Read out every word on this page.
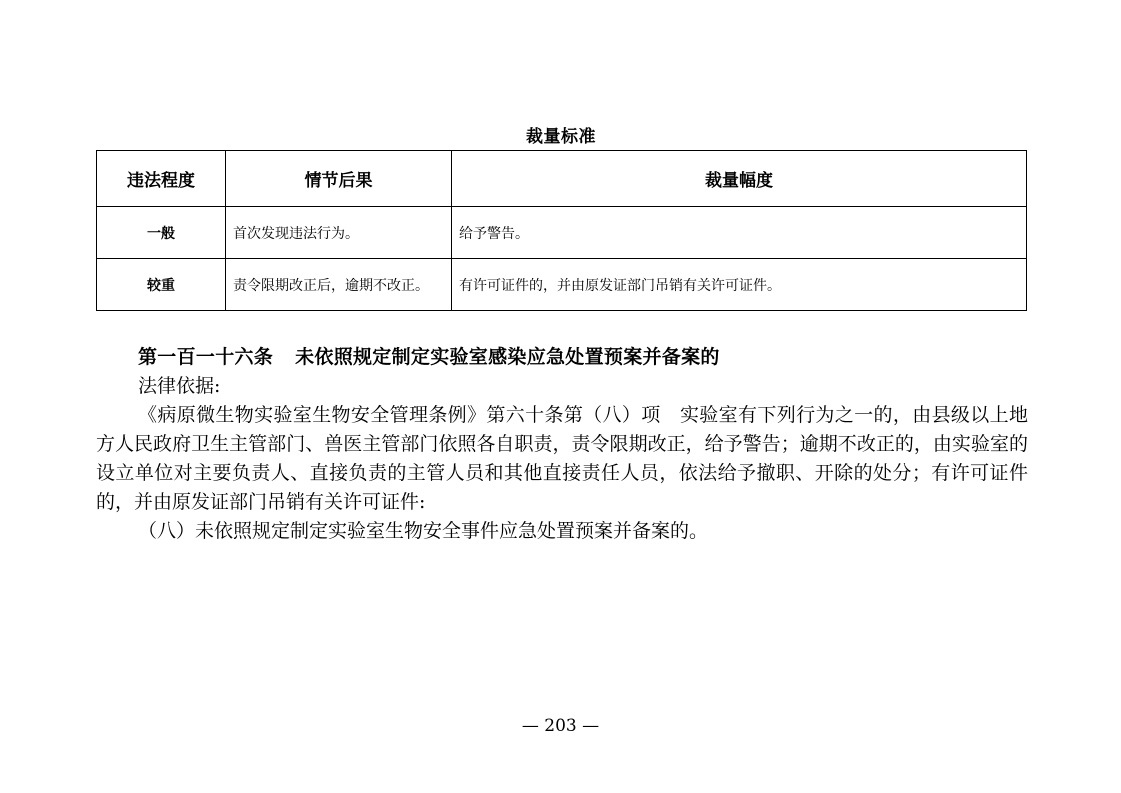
裁量标准
违法程度	情节后果	裁量幅度
一般	首次发现违法行为。	给予警告。
较重	责令限期改正后，逾期不改正。	有许可证件的，并由原发证部门吊销有关许可证件。
第一百一十六条 未依照规定制定实验室感染应急处置预案并备案的

法律依据:

《病原微生物实验室生物安全管理条例》第六十条第（八）项　实验室有下列行为之一的，由县级以上地方人民政府卫生主管部门、兽医主管部门依照各自职责，责令限期改正，给予警告；逾期不改正的，由实验室的设立单位对主要负责人、直接负责的主管人员和其他直接责任人员，依法给予撤职、开除的处分；有许可证件的，并由原发证部门吊销有关许可证件:

（八）未依照规定制定实验室生物安全事件应急处置预案并备案的。

— 203 —
